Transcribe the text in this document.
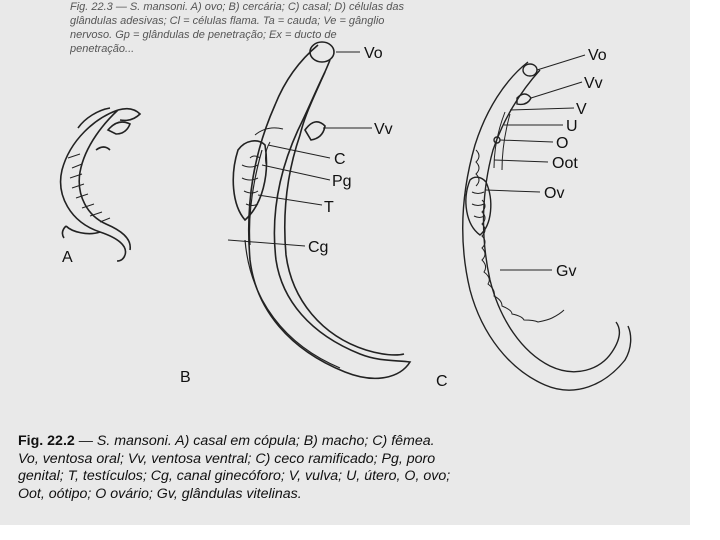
Fig. 22.3 — S. mansoni. A) ovo; B) cercária; C) casal; D) células das
glândulas adesivas; Cl = células flama. Ta = cauda; Ve = gânglio
nervoso. Gp = glândulas de penetração; Ex = ducto de
penetração...
A
B	C
Vo
Vv
C
Pg
T
Cg
Vo
Vv
V
U
O
Oot
Ov
Gv
Fig. 22.2 — S. mansoni. A) casal em cópula; B) macho; C) fêmea.
Vo, ventosa oral; Vv, ventosa ventral; C) ceco ramificado; Pg, poro
genital; T, testículos; Cg, canal ginecóforo; V, vulva; U, útero, O, ovo;
Oot, oótipo; O ovário; Gv, glândulas vitelinas.
